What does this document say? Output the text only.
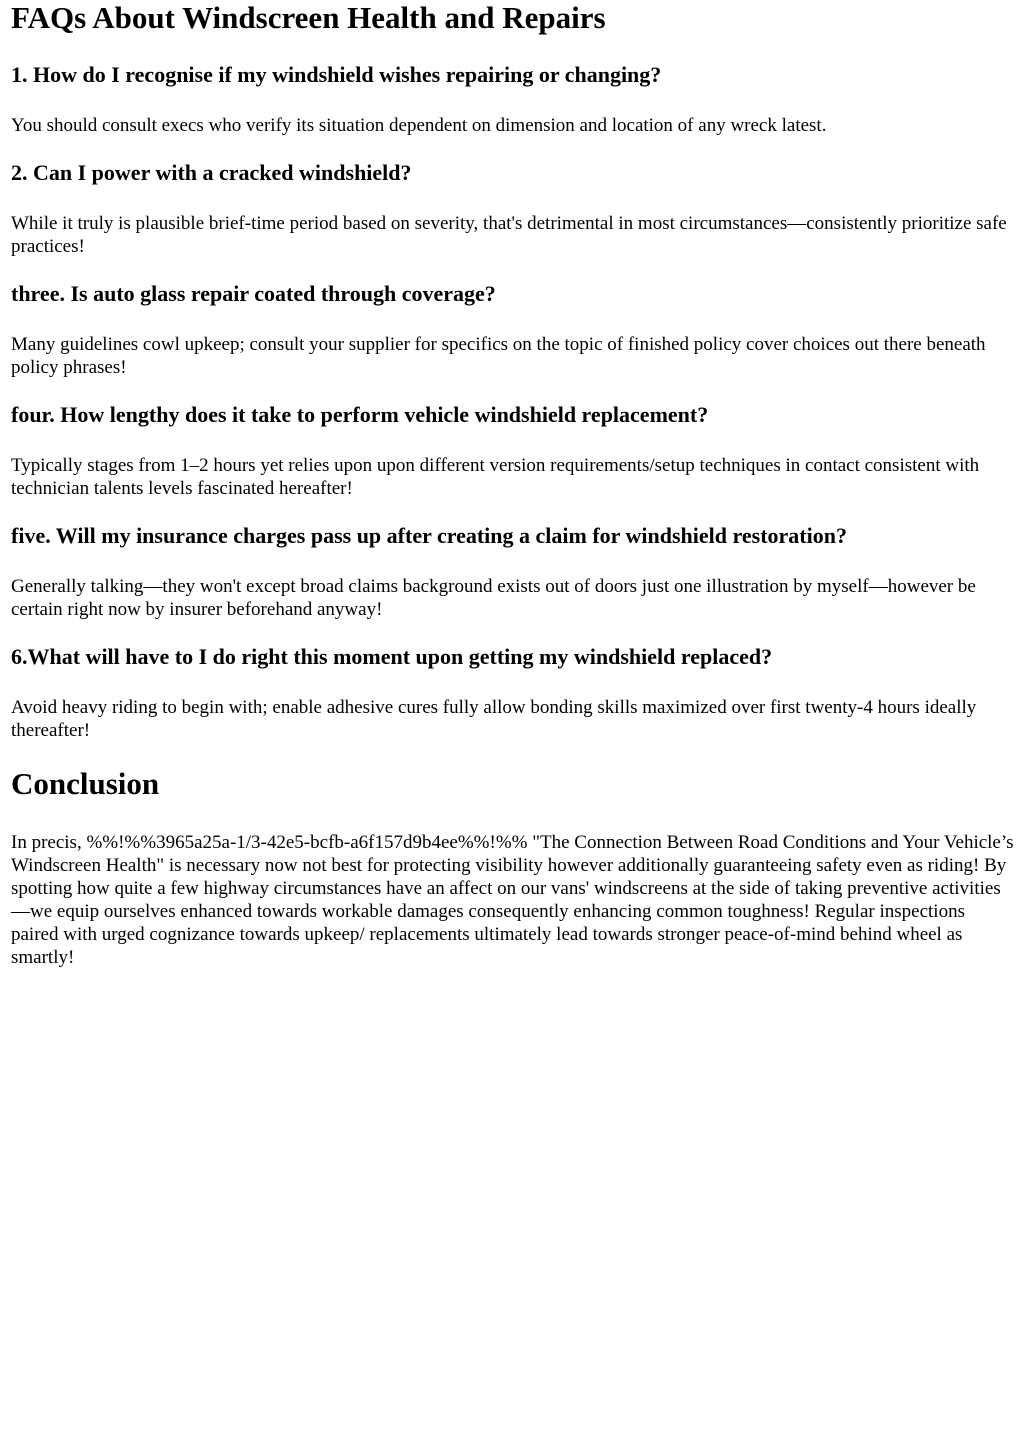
FAQs About Windscreen Health and Repairs
1. How do I recognise if my windshield wishes repairing or changing?

You should consult execs who verify its situation dependent on dimension and location of any wreck latest.

2. Can I power with a cracked windshield?

While it truly is plausible brief-time period based on severity, that's detrimental in most circumstances—consistently prioritize safe practices!

three. Is auto glass repair coated through coverage?

Many guidelines cowl upkeep; consult your supplier for specifics on the topic of finished policy cover choices out there beneath policy phrases!

four. How lengthy does it take to perform vehicle windshield replacement?

Typically stages from 1–2 hours yet relies upon upon different version requirements/setup techniques in contact consistent with technician talents levels fascinated hereafter!

five. Will my insurance charges pass up after creating a claim for windshield restoration?

Generally talking—they won't except broad claims background exists out of doors just one illustration by myself—however be certain right now by insurer beforehand anyway!

6.What will have to I do right this moment upon getting my windshield replaced?

Avoid heavy riding to begin with; enable adhesive cures fully allow bonding skills maximized over first twenty-4 hours ideally thereafter!

Conclusion

In precis, %%!%%3965a25a-1/3-42e5-bcfb-a6f157d9b4ee%%!%% "The Connection Between Road Conditions and Your Vehicle’s Windscreen Health" is necessary now not best for protecting visibility however additionally guaranteeing safety even as riding! By spotting how quite a few highway circumstances have an affect on our vans' windscreens at the side of taking preventive activities—we equip ourselves enhanced towards workable damages consequently enhancing common toughness! Regular inspections paired with urged cognizance towards upkeep/ replacements ultimately lead towards stronger peace-of-mind behind wheel as smartly!
